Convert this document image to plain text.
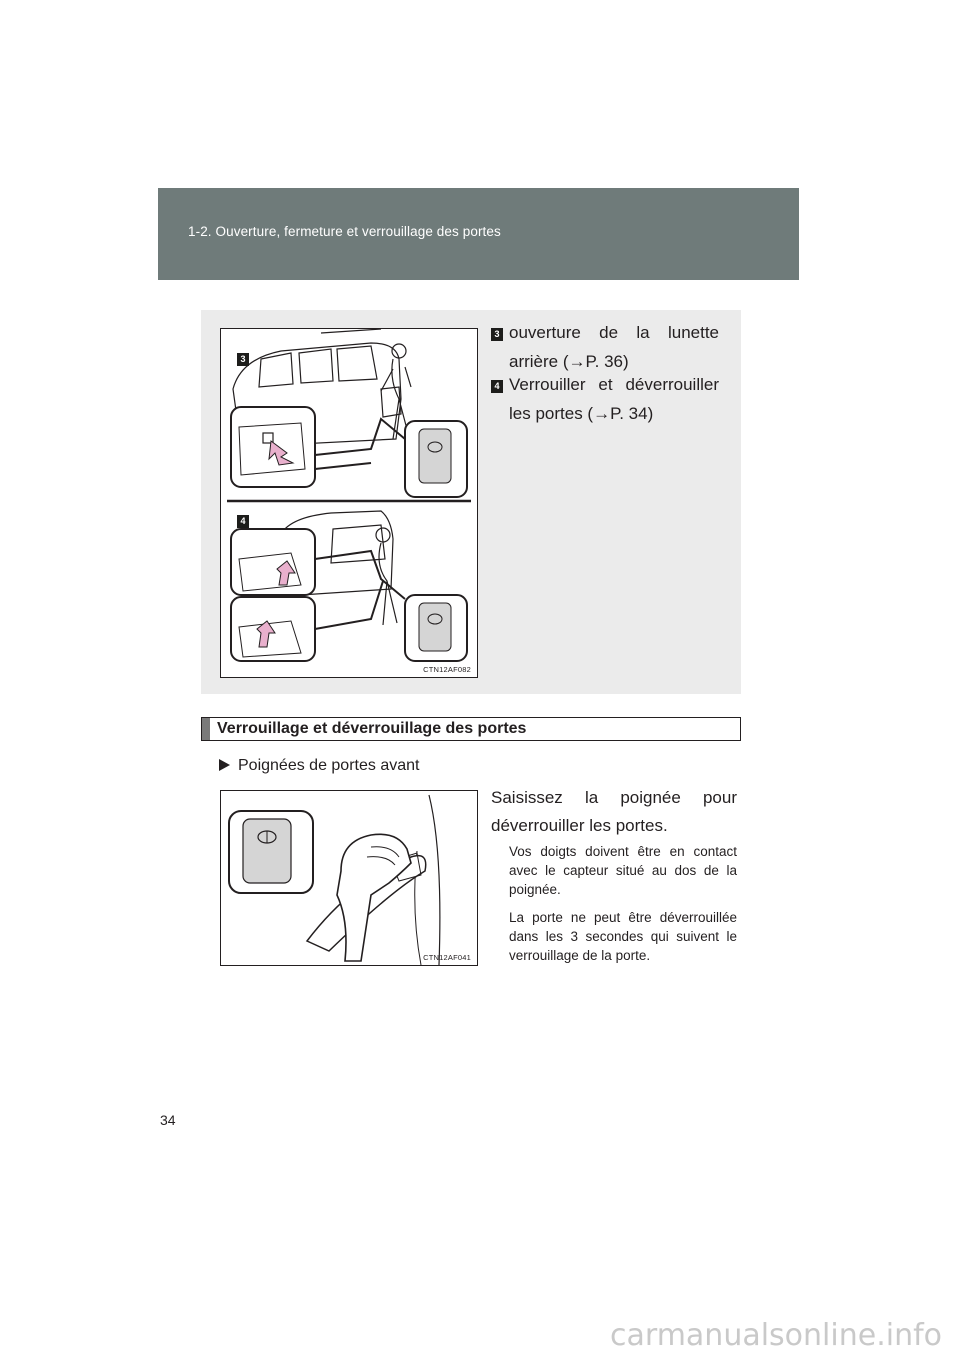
1-2. Ouverture, fermeture et verrouillage des portes
3
4
CTN12AF082
3 ouverture de la lunette arrière (→P. 36)
4 Verrouiller et déverrouiller les portes (→P. 34)
Verrouillage et déverrouillage des portes
Poignées de portes avant
CTN12AF041
Saisissez la poignée pour déverrouiller les portes.
Vos doigts doivent être en contact avec le capteur situé au dos de la poignée.
La porte ne peut être déverrouillée dans les 3 secondes qui suivent le verrouillage de la porte.
34
carmanualsonline.info
